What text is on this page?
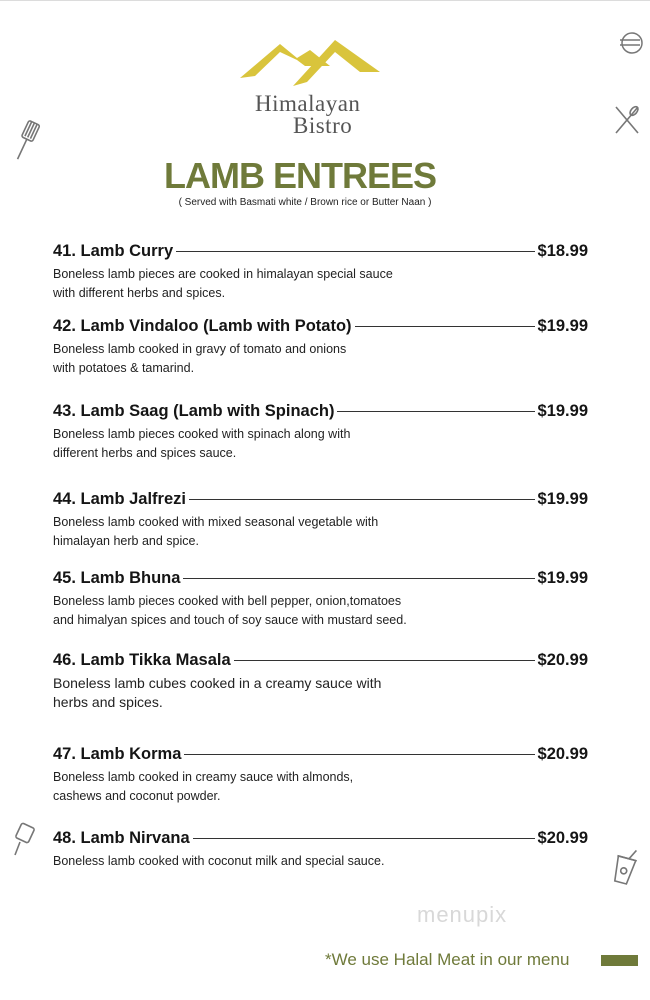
Himalayan
Bistro
LAMB ENTREES
( Served with Basmati white / Brown rice or Butter Naan )
41. Lamb Curry	$18.99
Boneless lamb pieces are cooked in himalayan special sauce
with different herbs and spices.
42. Lamb Vindaloo (Lamb with Potato)	$19.99
Boneless lamb cooked in gravy of tomato and onions
with potatoes & tamarind.
43. Lamb Saag (Lamb with Spinach)	$19.99
Boneless lamb pieces cooked with spinach along with
different herbs and spices sauce.
44. Lamb Jalfrezi	$19.99
Boneless lamb cooked with mixed seasonal vegetable with
himalayan herb and spice.
45. Lamb Bhuna	$19.99
Boneless lamb pieces cooked with bell pepper, onion,tomatoes
and himalyan spices and touch of soy sauce with mustard seed.
46. Lamb Tikka Masala	$20.99
Boneless lamb cubes cooked in a creamy sauce with
herbs and spices.
47. Lamb Korma	$20.99
Boneless lamb cooked in creamy sauce with almonds,
cashews and coconut powder.
48. Lamb Nirvana	$20.99
Boneless lamb cooked with coconut milk and special sauce.
menupix
*We use Halal Meat in our menu
